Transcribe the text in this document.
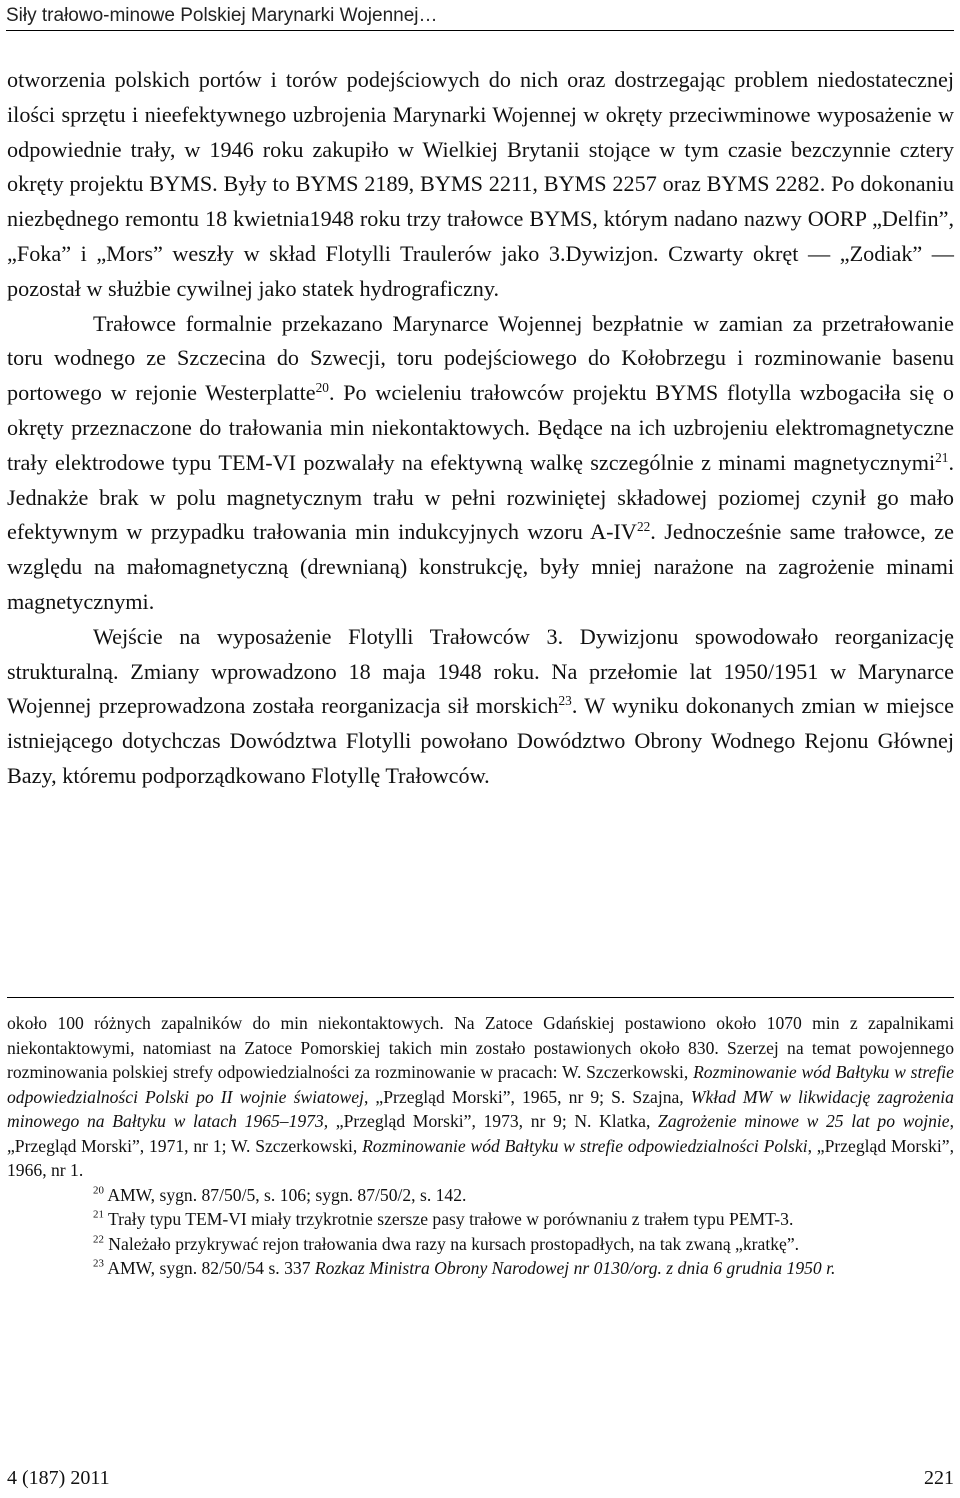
Siły trałowo-minowe Polskiej Marynarki Wojennej…

otworzenia polskich portów i torów podejściowych do nich oraz dostrzegając problem niedostatecznej ilości sprzętu i nieefektywnego uzbrojenia Marynarki Wojennej w okręty przeciwminowe wyposażenie w odpowiednie trały, w 1946 roku zakupiło w Wielkiej Brytanii stojące w tym czasie bezczynnie cztery okręty projektu BYMS. Były to BYMS 2189, BYMS 2211, BYMS 2257 oraz BYMS 2282. Po dokonaniu niezbędnego remontu 18 kwietnia1948 roku trzy trałowce BYMS, którym nadano nazwy OORP „Delfin”, „Foka” i „Mors” weszły w skład Flotylli Traulerów jako 3.Dywizjon. Czwarty okręt — „Zodiak” — pozostał w służbie cywilnej jako statek hydrograficzny.

Trałowce formalnie przekazano Marynarce Wojennej bezpłatnie w zamian za przetrałowanie toru wodnego ze Szczecina do Szwecji, toru podejściowego do Kołobrzegu i rozminowanie basenu portowego w rejonie Westerplatte$^{20}$. Po wcieleniu trałowców projektu BYMS flotylla wzbogaciła się o okręty przeznaczone do trałowania min niekontaktowych. Będące na ich uzbrojeniu elektromagnetyczne trały elektrodowe typu TEM-VI pozwalały na efektywną walkę szczególnie z minami magnetycznymi$^{21}$. Jednakże brak w polu magnetycznym trału w pełni rozwiniętej składowej poziomej czynił go mało efektywnym w przypadku trałowania min indukcyjnych wzoru A-IV$^{22}$. Jednocześnie same trałowce, ze względu na małomagnetyczną (drewnianą) konstrukcję, były mniej narażone na zagrożenie minami magnetycznymi.

Wejście na wyposażenie Flotylli Trałowców 3. Dywizjonu spowodowało reorganizację strukturalną. Zmiany wprowadzono 18 maja 1948 roku. Na przełomie lat 1950/1951 w Marynarce Wojennej przeprowadzona została reorganizacja sił morskich$^{23}$. W wyniku dokonanych zmian w miejsce istniejącego dotychczas Dowództwa Flotylli powołano Dowództwo Obrony Wodnego Rejonu Głównej Bazy, któremu podporządkowano Flotyllę Trałowców.

około 100 różnych zapalników do min niekontaktowych. Na Zatoce Gdańskiej postawiono około 1070 min z zapalnikami niekontaktowymi, natomiast na Zatoce Pomorskiej takich min zostało postawionych około 830. Szerzej na temat powojennego rozminowania polskiej strefy odpowiedzialności za rozminowanie w pracach: W. Szczerkowski, Rozminowanie wód Bałtyku w strefie odpowiedzialności Polski po II wojnie światowej, „Przegląd Morski”, 1965, nr 9; S. Szajna, Wkład MW w likwidację zagrożenia minowego na Bałtyku w latach 1965–1973, „Przegląd Morski”, 1973, nr 9; N. Klatka, Zagrożenie minowe w 25 lat po wojnie, „Przegląd Morski”, 1971, nr 1; W. Szczerkowski, Rozminowanie wód Bałtyku w strefie odpowiedzialności Polski, „Przegląd Morski”, 1966, nr 1.

$^{20}$ AMW, sygn. 87/50/5, s. 106; sygn. 87/50/2, s. 142.

$^{21}$ Trały typu TEM-VI miały trzykrotnie szersze pasy trałowe w porównaniu z trałem typu PEMT-3.

$^{22}$ Należało przykrywać rejon trałowania dwa razy na kursach prostopadłych, na tak zwaną „kratkę”.

$^{23}$ AMW, sygn. 82/50/54 s. 337 Rozkaz Ministra Obrony Narodowej nr 0130/org. z dnia 6 grudnia 1950 r.

4 (187) 2011	221
